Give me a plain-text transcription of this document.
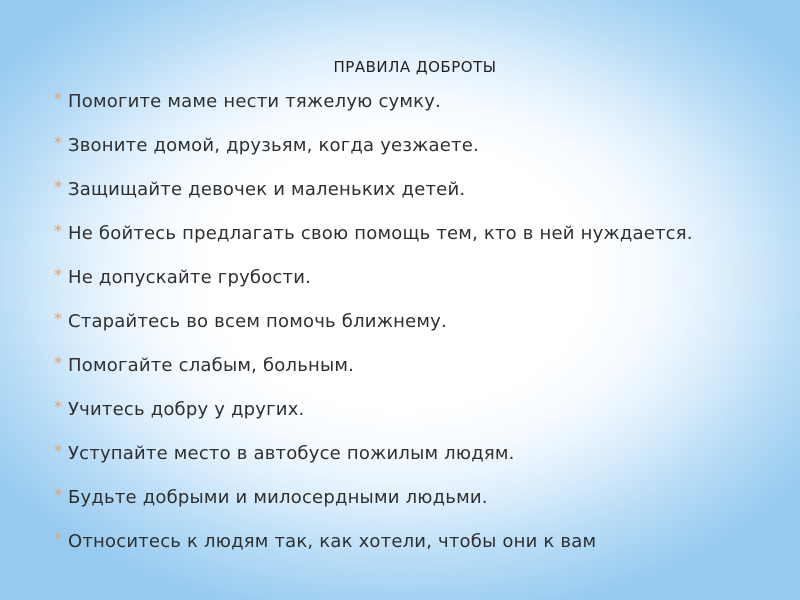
ПРАВИЛА ДОБРОТЫ
* Помогите маме нести тяжелую сумку.
* Звоните домой, друзьям, когда уезжаете.
* Защищайте девочек и маленьких детей.
* Не бойтесь предлагать свою помощь тем, кто в ней нуждается.
* Не допускайте грубости.
* Старайтесь во всем помочь ближнему.
* Помогайте слабым, больным.
* Учитесь добру у других.
* Уступайте место в автобусе пожилым людям.
* Будьте добрыми и милосердными людьми.
* Относитесь к людям так, как хотели, чтобы они к вам
